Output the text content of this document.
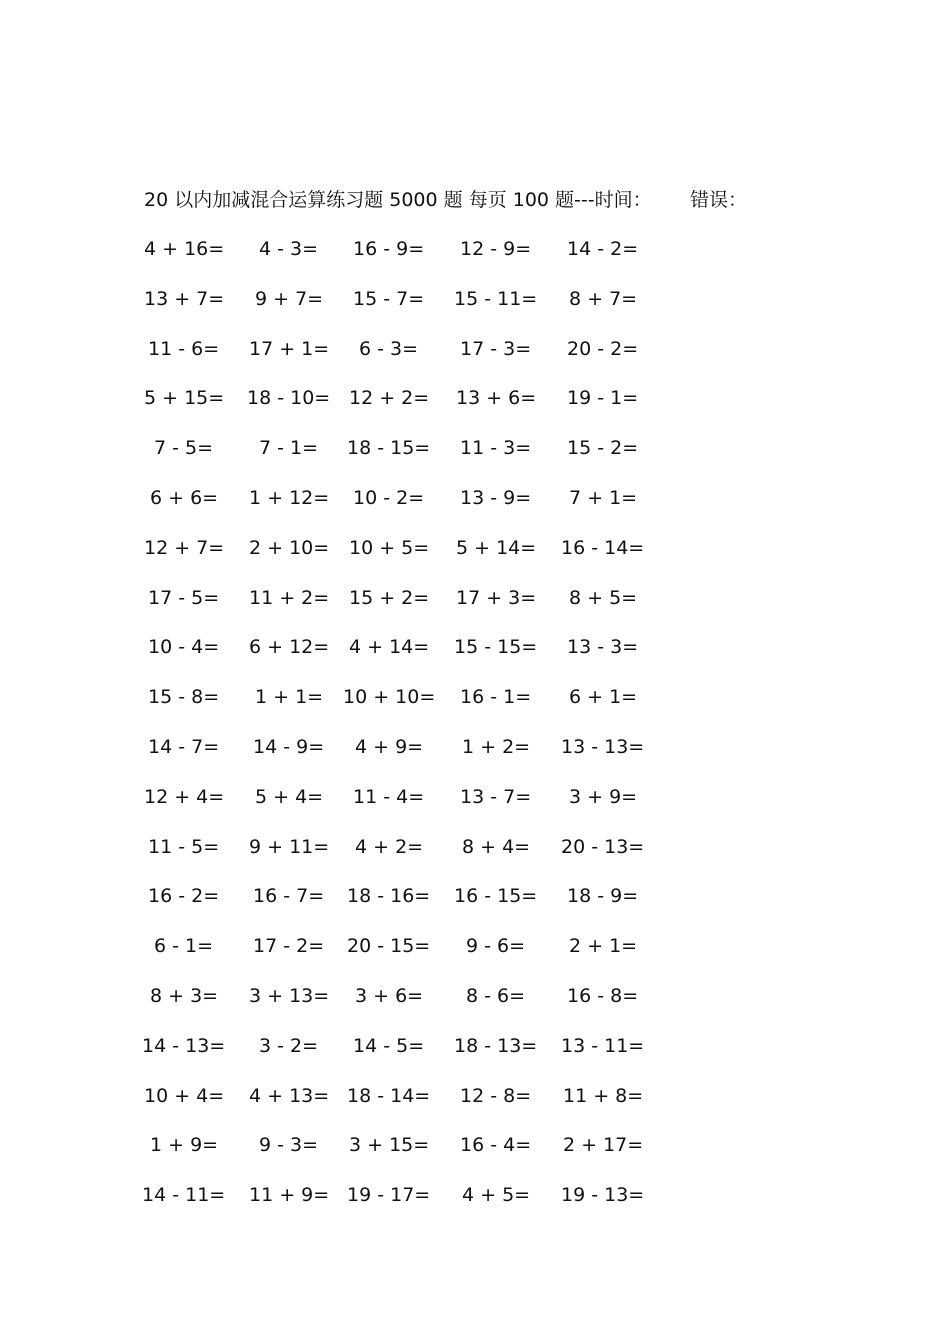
20 以内加减混合运算练习题 5000 题 每页 100 题---时间： 错误：
4 + 16= 4 - 3= 16 - 9= 12 - 9= 14 - 2=
13 + 7= 9 + 7= 15 - 7= 15 - 11= 8 + 7=
11 - 6= 17 + 1= 6 - 3= 17 - 3= 20 - 2=
5 + 15= 18 - 10= 12 + 2= 13 + 6= 19 - 1=
7 - 5= 7 - 1= 18 - 15= 11 - 3= 15 - 2=
6 + 6= 1 + 12= 10 - 2= 13 - 9= 7 + 1=
12 + 7= 2 + 10= 10 + 5= 5 + 14= 16 - 14=
17 - 5= 11 + 2= 15 + 2= 17 + 3= 8 + 5=
10 - 4= 6 + 12= 4 + 14= 15 - 15= 13 - 3=
15 - 8= 1 + 1= 10 + 10= 16 - 1= 6 + 1=
14 - 7= 14 - 9= 4 + 9= 1 + 2= 13 - 13=
12 + 4= 5 + 4= 11 - 4= 13 - 7= 3 + 9=
11 - 5= 9 + 11= 4 + 2= 8 + 4= 20 - 13=
16 - 2= 16 - 7= 18 - 16= 16 - 15= 18 - 9=
6 - 1= 17 - 2= 20 - 15= 9 - 6= 2 + 1=
8 + 3= 3 + 13= 3 + 6= 8 - 6= 16 - 8=
14 - 13= 3 - 2= 14 - 5= 18 - 13= 13 - 11=
10 + 4= 4 + 13= 18 - 14= 12 - 8= 11 + 8=
1 + 9= 9 - 3= 3 + 15= 16 - 4= 2 + 17=
14 - 11= 11 + 9= 19 - 17= 4 + 5= 19 - 13=
